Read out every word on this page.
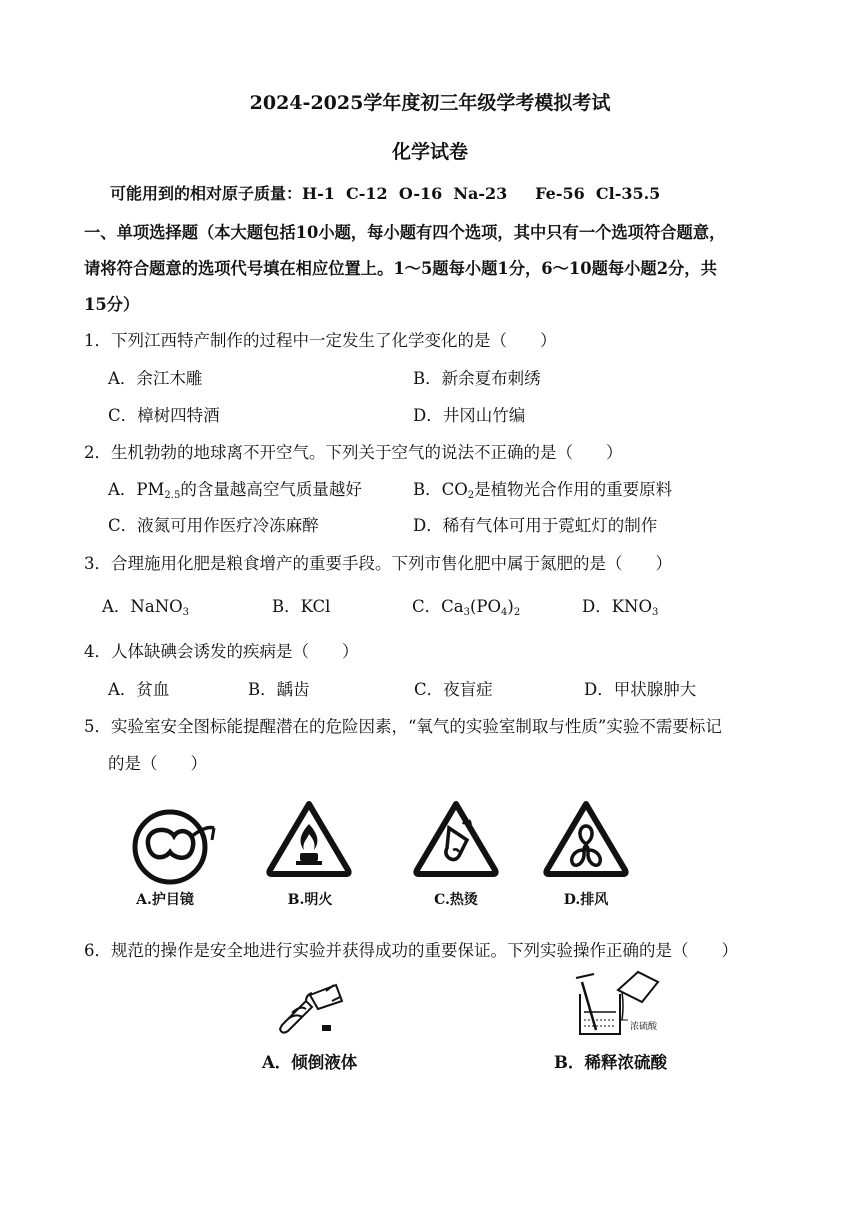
2024-2025学年度初三年级学考模拟考试
化学试卷
可能用到的相对原子质量：H-1 C-12 O-16 Na-23 Fe-56 Cl-35.5
一、单项选择题（本大题包括10小题，每小题有四个选项，其中只有一个选项符合题意，
请将符合题意的选项代号填在相应位置上。1～5题每小题1分，6～10题每小题2分，共
15分）
1．下列江西特产制作的过程中一定发生了化学变化的是（　　）
A．余江木雕	B．新余夏布刺绣
C．樟树四特酒	D．井冈山竹编
2．生机勃勃的地球离不开空气。下列关于空气的说法不正确的是（　　）
A．$PM_{2.5}$的含量越高空气质量越好	B．$CO_2$是植物光合作用的重要原料
C．液氮可用作医疗冷冻麻醉	D．稀有气体可用于霓虹灯的制作
3．合理施用化肥是粮食增产的重要手段。下列市售化肥中属于氮肥的是（　　）
A．NaNO$_3$	B．KCl	C．$Ca_3(PO_4)_2$	D．$KNO_3$
4．人体缺碘会诱发的疾病是（　　）
A．贫血	B．龋齿	C．夜盲症	D．甲状腺肿大
5．实验室安全图标能提醒潜在的危险因素，“氧气的实验室制取与性质”实验不需要标记
的是（　　）
A.护目镜	B.明火	C.热烫	D.排风
6．规范的操作是安全地进行实验并获得成功的重要保证。下列实验操作正确的是（　　）
A．倾倒液体
浓硫酸
B．稀释浓硫酸
